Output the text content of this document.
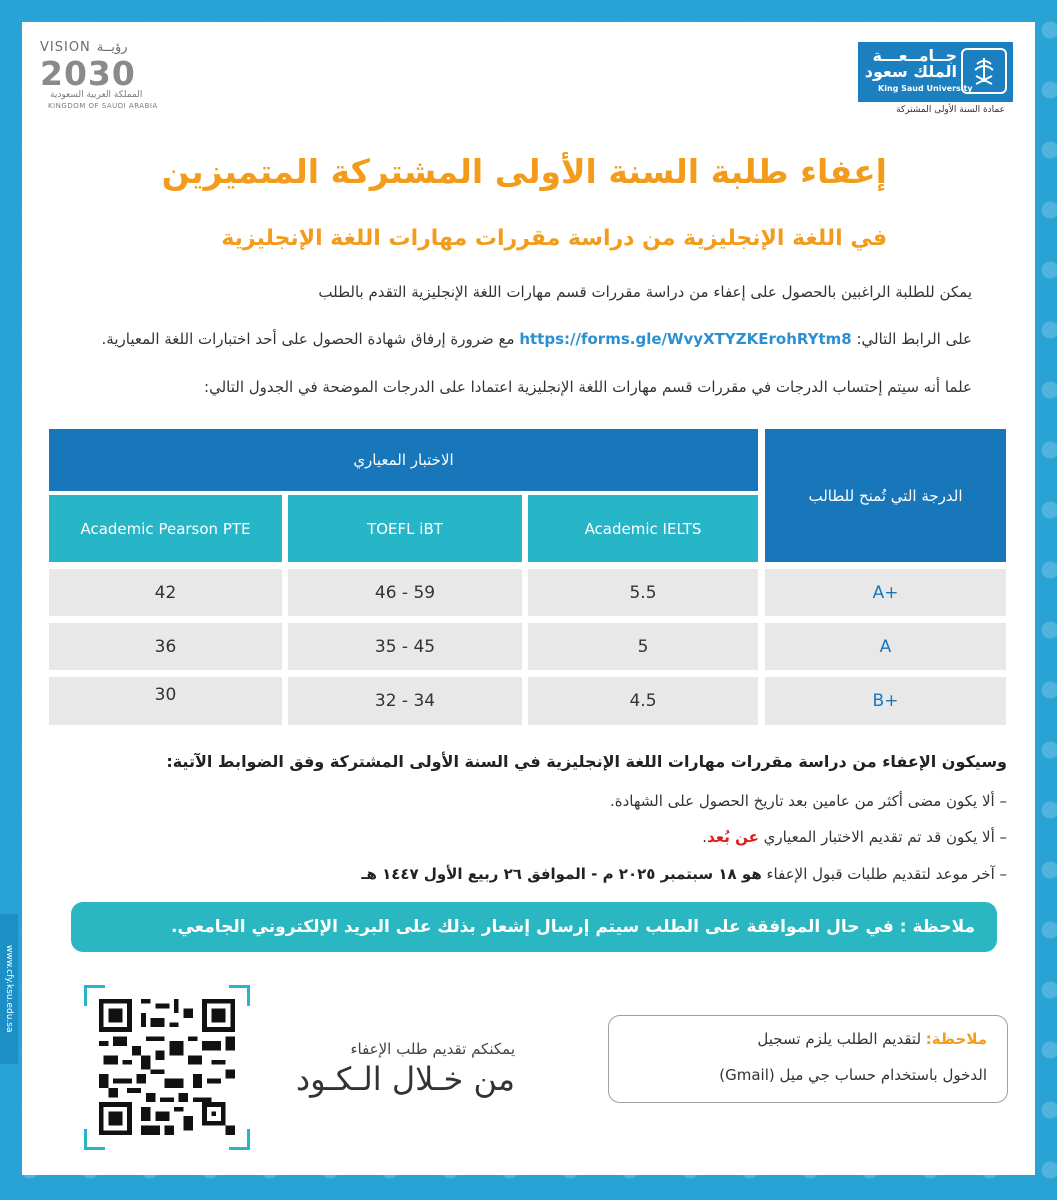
www.cfy.ksu.edu.sa
VISION رؤيــة
2030
المملكة العربية السعودية
KINGDOM OF SAUDI ARABIA
جــامــعـــة
الملك سعود
King Saud University
عمادة السنة الأولى المشتركة
إعفاء طلبة السنة الأولى المشتركة المتميزين
في اللغة الإنجليزية من دراسة مقررات مهارات اللغة الإنجليزية
يمكن للطلبة الراغبين بالحصول على إعفاء من دراسة مقررات قسم مهارات اللغة الإنجليزية التقدم بالطلب
على الرابط التالي: https://forms.gle/WvyXTYZKErohRYtm8 مع ضرورة إرفاق شهادة الحصول على أحد اختبارات اللغة المعيارية.
علما أنه سيتم إحتساب الدرجات في مقررات قسم مهارات اللغة الإنجليزية اعتمادا على الدرجات الموضحة في الجدول التالي:
الدرجة التي تُمنح للطالب
الاختبار المعياري
Academic IELTS
TOEFL iBT
Academic Pearson PTE
A+
5.5
46 - 59
42
A
5
35 - 45
36
B+
4.5
32 - 34
30
وسيكون الإعفاء من دراسة مقررات مهارات اللغة الإنجليزية في السنة الأولى المشتركة وفق الضوابط الآتية:
– ألا يكون مضى أكثر من عامين بعد تاريخ الحصول على الشهادة.
– ألا يكون قد تم تقديم الاختبار المعياري عن بُعد.
– آخر موعد لتقديم طلبات قبول الإعفاء هو ١٨ سبتمبر ٢٠٢٥ م - الموافق ٢٦ ربيع الأول ١٤٤٧ هـ
ملاحظة : في حال الموافقة على الطلب سيتم إرسال إشعار بذلك على البريد الإلكتروني الجامعي.
يمكنكم تقديم طلب الإعفاء
من خـلال الـكـود
ملاحظة: لتقديم الطلب يلزم تسجيل
الدخول باستخدام حساب جي ميل (Gmail)
